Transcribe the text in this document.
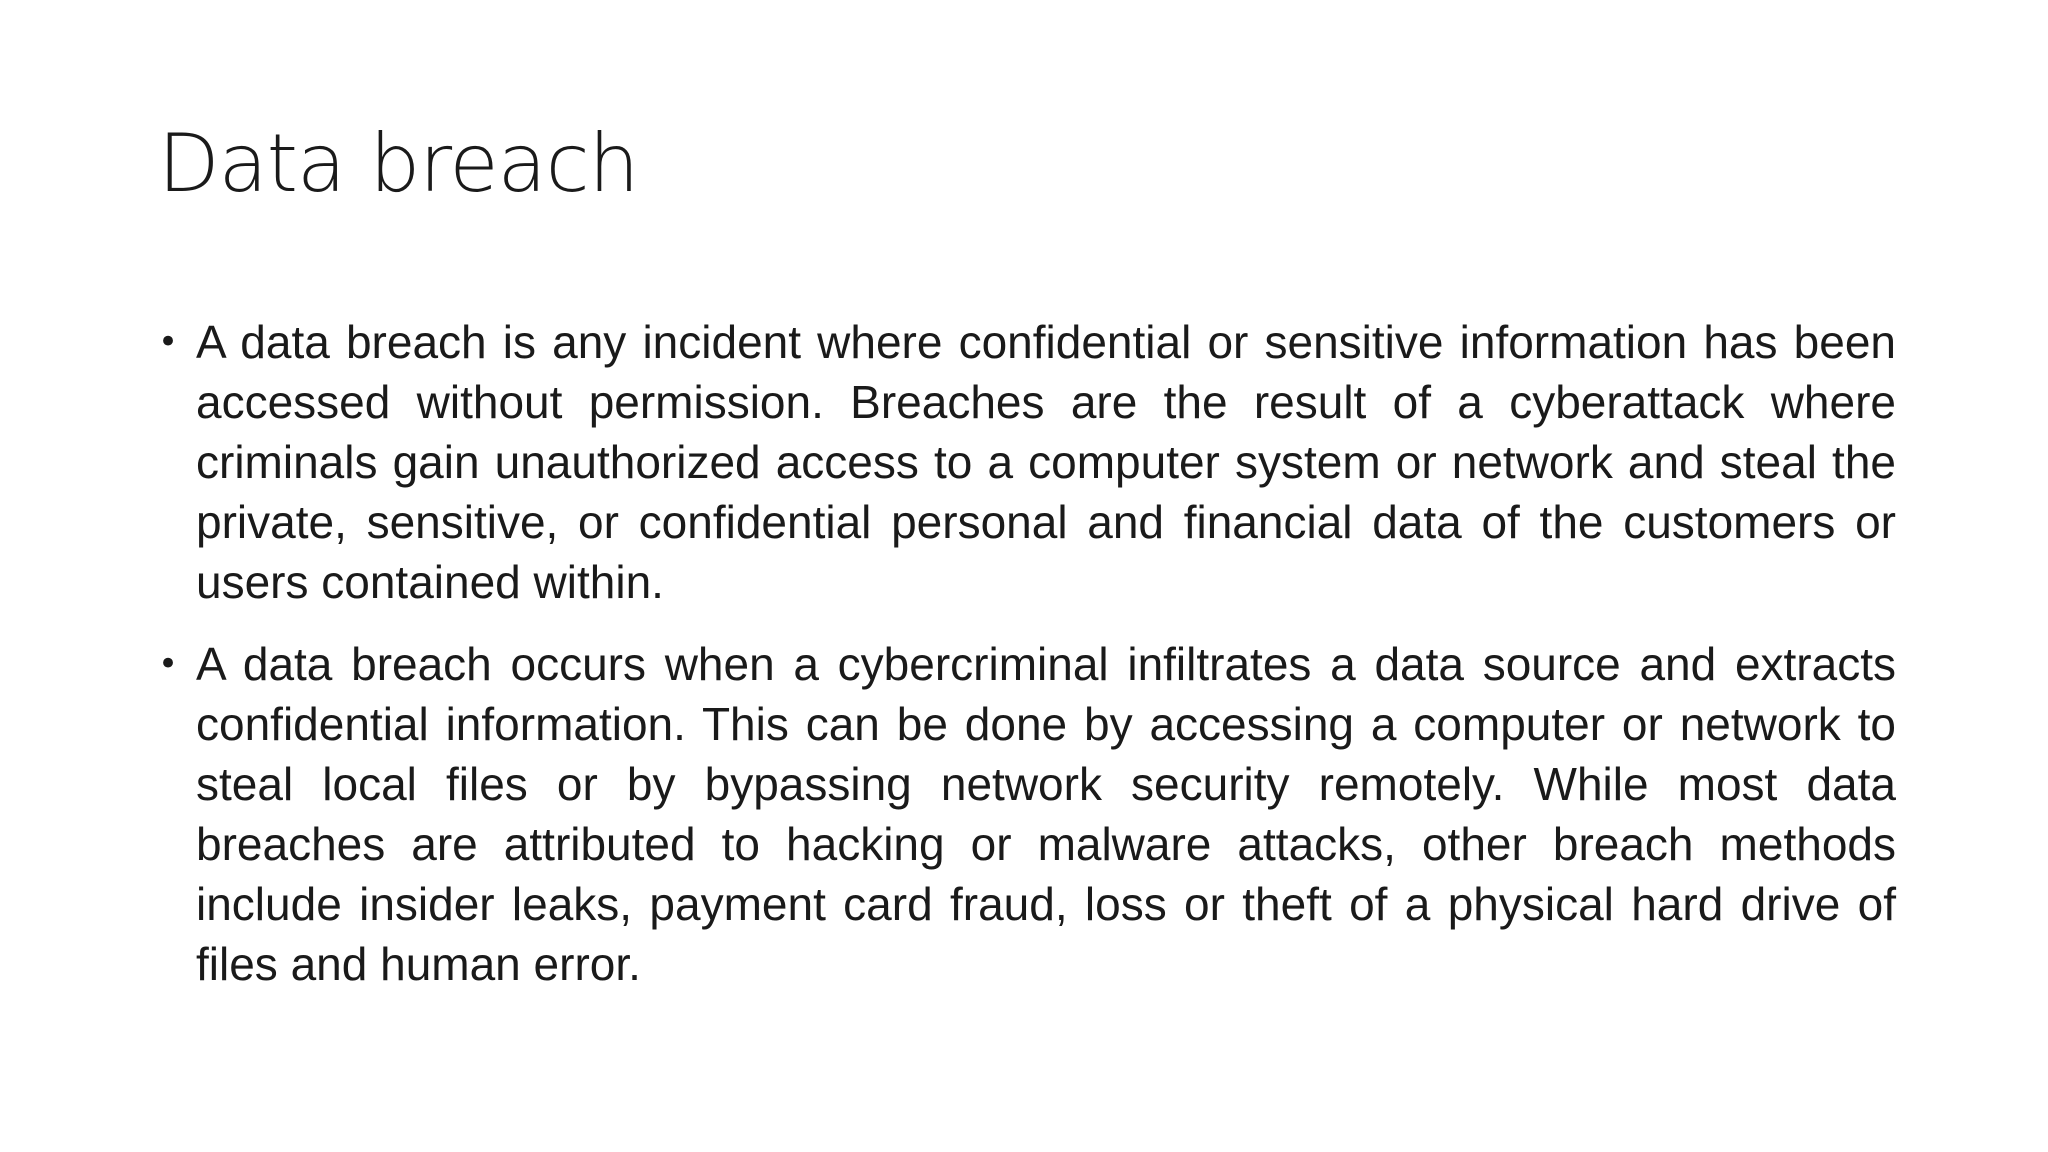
Data breach
• A data breach is any incident where confidential or sensitive information has been accessed without permission. Breaches are the result of a cyberattack where criminals gain unauthorized access to a computer system or network and steal the private, sensitive, or confidential personal and financial data of the customers or users contained within.
• A data breach occurs when a cybercriminal infiltrates a data source and extracts confidential information. This can be done by accessing a computer or network to steal local files or by bypassing network security remotely. While most data breaches are attributed to hacking or malware attacks, other breach methods include insider leaks, payment card fraud, loss or theft of a physical hard drive of files and human error.
